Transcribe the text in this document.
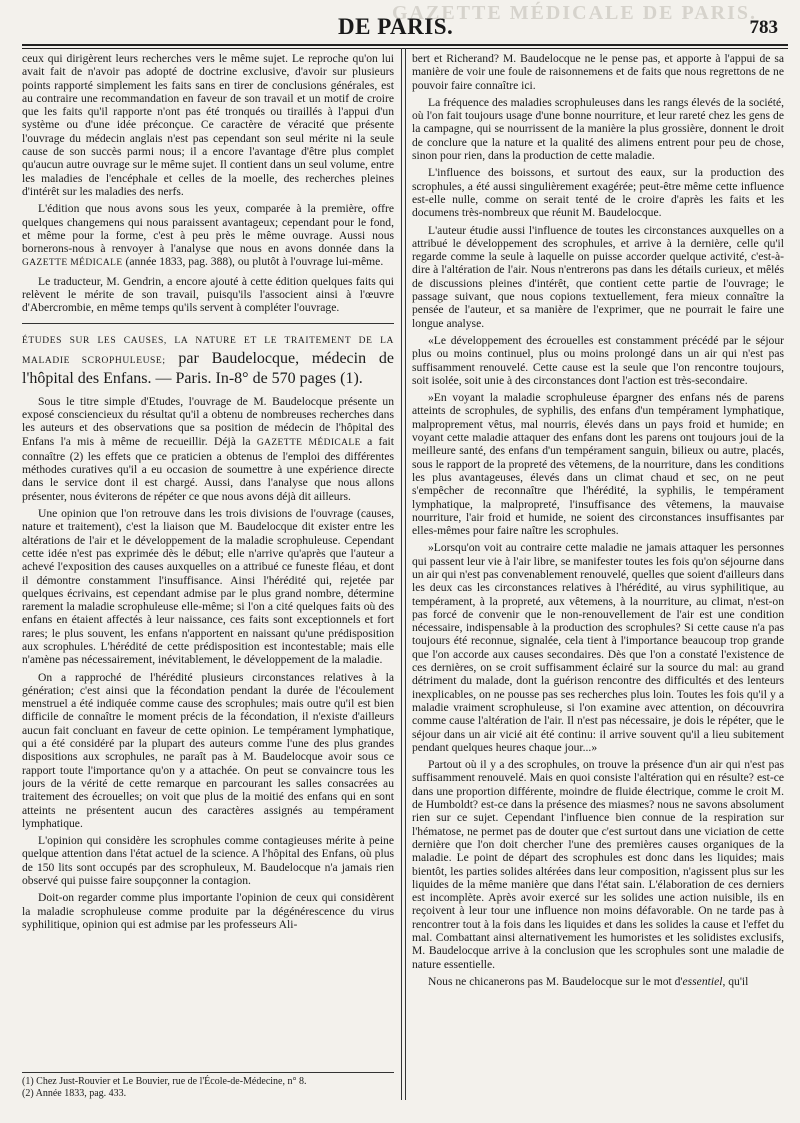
GAZETTE MÉDICALE DE PARIS.
DE PARIS.	783

ceux qui dirigèrent leurs recherches vers le même sujet. Le reproche qu'on lui avait fait de n'avoir pas adopté de doctrine exclusive, d'avoir sur plusieurs points rapporté simplement les faits sans en tirer de conclusions générales, est au contraire une recommandation en faveur de son travail et un motif de croire que les faits qu'il rapporte n'ont pas été tronqués ou tiraillés à l'appui d'un système ou d'une idée préconçue. Ce caractère de véracité que présente l'ouvrage du médecin anglais n'est pas cependant son seul mérite ni la seule cause de son succès parmi nous; il a encore l'avantage d'être plus complet qu'aucun autre ouvrage sur le même sujet. Il contient dans un seul volume, entre les maladies de l'encéphale et celles de la moelle, des recherches pleines d'intérêt sur les maladies des nerfs.

L'édition que nous avons sous les yeux, comparée à la première, offre quelques changemens qui nous paraissent avantageux; cependant pour le fond, et même pour la forme, c'est à peu près le même ouvrage. Aussi nous bornerons-nous à renvoyer à l'analyse que nous en avons donnée dans la GAZETTE MÉDICALE (année 1833, pag. 388), ou plutôt à l'ouvrage lui-même.

Le traducteur, M. Gendrin, a encore ajouté à cette édition quelques faits qui relèvent le mérite de son travail, puisqu'ils l'associent ainsi à l'œuvre d'Abercrombie, en même temps qu'ils servent à compléter l'ouvrage.

ÉTUDES SUR LES CAUSES, LA NATURE ET LE TRAITEMENT DE LA MALADIE SCROPHULEUSE; par Baudelocque, médecin de l'hôpital des Enfans. — Paris. In-8° de 570 pages (1).

Sous le titre simple d'Etudes, l'ouvrage de M. Baudelocque présente un exposé consciencieux du résultat qu'il a obtenu de nombreuses recherches dans les auteurs et des observations que sa position de médecin de l'hôpital des Enfans l'a mis à même de recueillir. Déjà la GAZETTE MÉDICALE a fait connaître (2) les effets que ce praticien a obtenus de l'emploi des différentes méthodes curatives qu'il a eu occasion de soumettre à une expérience directe dans le service dont il est chargé. Aussi, dans l'analyse que nous allons présenter, nous éviterons de répéter ce que nous avons déjà dit ailleurs.

Une opinion que l'on retrouve dans les trois divisions de l'ouvrage (causes, nature et traitement), c'est la liaison que M. Baudelocque dit exister entre les altérations de l'air et le développement de la maladie scrophuleuse. Cependant cette idée n'est pas exprimée dès le début; elle n'arrive qu'après que l'auteur a achevé l'exposition des causes auxquelles on a attribué ce funeste fléau, et dont il démontre constamment l'insuffisance. Ainsi l'hérédité qui, rejetée par quelques écrivains, est cependant admise par le plus grand nombre, détermine rarement la maladie scrophuleuse elle-même; si l'on a cité quelques faits où des enfans en étaient affectés à leur naissance, ces faits sont exceptionnels et fort rares; le plus souvent, les enfans n'apportent en naissant qu'une prédisposition aux scrophules. L'hérédité de cette prédisposition est incontestable; mais elle n'amène pas nécessairement, inévitablement, le développement de la maladie.

On a rapproché de l'hérédité plusieurs circonstances relatives à la génération; c'est ainsi que la fécondation pendant la durée de l'écoulement menstruel a été indiquée comme cause des scrophules; mais outre qu'il est bien difficile de connaître le moment précis de la fécondation, il n'existe d'ailleurs aucun fait concluant en faveur de cette opinion. Le tempérament lymphatique, qui a été considéré par la plupart des auteurs comme l'une des plus grandes dispositions aux scrophules, ne paraît pas à M. Baudelocque avoir sous ce rapport toute l'importance qu'on y a attachée. On peut se convaincre tous les jours de la vérité de cette remarque en parcourant les salles consacrées au traitement des écrouelles; on voit que plus de la moitié des enfans qui en sont atteints ne présentent aucun des caractères assignés au tempérament lymphatique.

L'opinion qui considère les scrophules comme contagieuses mérite à peine quelque attention dans l'état actuel de la science. A l'hôpital des Enfans, où plus de 150 lits sont occupés par des scrophuleux, M. Baudelocque n'a jamais rien observé qui puisse faire soupçonner la contagion.

Doit-on regarder comme plus importante l'opinion de ceux qui considèrent la maladie scrophuleuse comme produite par la dégénérescence du virus syphilitique, opinion qui est admise par les professeurs Ali-

bert et Richerand? M. Baudelocque ne le pense pas, et apporte à l'appui de sa manière de voir une foule de raisonnemens et de faits que nous regrettons de ne pouvoir faire connaître ici.

La fréquence des maladies scrophuleuses dans les rangs élevés de la société, où l'on fait toujours usage d'une bonne nourriture, et leur rareté chez les gens de la campagne, qui se nourrissent de la manière la plus grossière, donnent le droit de conclure que la nature et la qualité des alimens entrent pour peu de chose, sinon pour rien, dans la production de cette maladie.

L'influence des boissons, et surtout des eaux, sur la production des scrophules, a été aussi singulièrement exagérée; peut-être même cette influence est-elle nulle, comme on serait tenté de le croire d'après les faits et les documens très-nombreux que réunit M. Baudelocque.

L'auteur étudie aussi l'influence de toutes les circonstances auxquelles on a attribué le développement des scrophules, et arrive à la dernière, celle qu'il regarde comme la seule à laquelle on puisse accorder quelque activité, c'est-à-dire à l'altération de l'air. Nous n'entrerons pas dans les détails curieux, et mêlés de discussions pleines d'intérêt, que contient cette partie de l'ouvrage; le passage suivant, que nous copions textuellement, fera mieux connaître la pensée de l'auteur, et sa manière de l'exprimer, que ne pourrait le faire une longue analyse.

«Le développement des écrouelles est constamment précédé par le séjour plus ou moins continuel, plus ou moins prolongé dans un air qui n'est pas suffisamment renouvelé. Cette cause est la seule que l'on rencontre toujours, soit isolée, soit unie à des circonstances dont l'action est très-secondaire.

»En voyant la maladie scrophuleuse épargner des enfans nés de parens atteints de scrophules, de syphilis, des enfans d'un tempérament lymphatique, malproprement vêtus, mal nourris, élevés dans un pays froid et humide; en voyant cette maladie attaquer des enfans dont les parens ont toujours joui de la meilleure santé, des enfans d'un tempérament sanguin, bilieux ou autre, placés, sous le rapport de la propreté des vêtemens, de la nourriture, dans les conditions les plus avantageuses, élevés dans un climat chaud et sec, on ne peut s'empêcher de reconnaître que l'hérédité, la syphilis, le tempérament lymphatique, la malpropreté, l'insuffisance des vêtemens, la mauvaise nourriture, l'air froid et humide, ne soient des circonstances insuffisantes par elles-mêmes pour faire naître les scrophules.

»Lorsqu'on voit au contraire cette maladie ne jamais attaquer les personnes qui passent leur vie à l'air libre, se manifester toutes les fois qu'on séjourne dans un air qui n'est pas convenablement renouvelé, quelles que soient d'ailleurs dans les deux cas les circonstances relatives à l'hérédité, au virus syphilitique, au tempérament, à la propreté, aux vêtemens, à la nourriture, au climat, n'est-on pas forcé de convenir que le non-renouvellement de l'air est une condition nécessaire, indispensable à la production des scrophules? Si cette cause n'a pas toujours été reconnue, signalée, cela tient à l'importance beaucoup trop grande que l'on accorde aux causes secondaires. Dès que l'on a constaté l'existence de ces dernières, on se croit suffisamment éclairé sur la source du mal: au grand détriment du malade, dont la guérison rencontre des difficultés et des lenteurs inexplicables, on ne pousse pas ses recherches plus loin. Toutes les fois qu'il y a maladie vraiment scrophuleuse, si l'on examine avec attention, on découvrira comme cause l'altération de l'air. Il n'est pas nécessaire, je dois le répéter, que le séjour dans un air vicié ait été continu: il arrive souvent qu'il a lieu subitement pendant quelques heures chaque jour...»

Partout où il y a des scrophules, on trouve la présence d'un air qui n'est pas suffisamment renouvelé. Mais en quoi consiste l'altération qui en résulte? est-ce dans une proportion différente, moindre de fluide électrique, comme le croit M. de Humboldt? est-ce dans la présence des miasmes? nous ne savons absolument rien sur ce sujet. Cependant l'influence bien connue de la respiration sur l'hématose, ne permet pas de douter que c'est surtout dans une viciation de cette dernière que l'on doit chercher l'une des premières causes organiques de la maladie. Le point de départ des scrophules est donc dans les liquides; mais bientôt, les parties solides altérées dans leur composition, n'agissent plus sur les liquides de la même manière que dans l'état sain. L'élaboration de ces derniers est incomplète. Après avoir exercé sur les solides une action nuisible, ils en reçoivent à leur tour une influence non moins défavorable. On ne tarde pas à rencontrer tout à la fois dans les liquides et dans les solides la cause et l'effet du mal. Combattant ainsi alternativement les humoristes et les solidistes exclusifs, M. Baudelocque arrive à la conclusion que les scrophules sont une maladie de nature essentielle.

Nous ne chicanerons pas M. Baudelocque sur le mot d'essentiel, qu'il

(1) Chez Just-Rouvier et Le Bouvier, rue de l'École-de-Médecine, n° 8.
(2) Année 1833, pag. 433.
